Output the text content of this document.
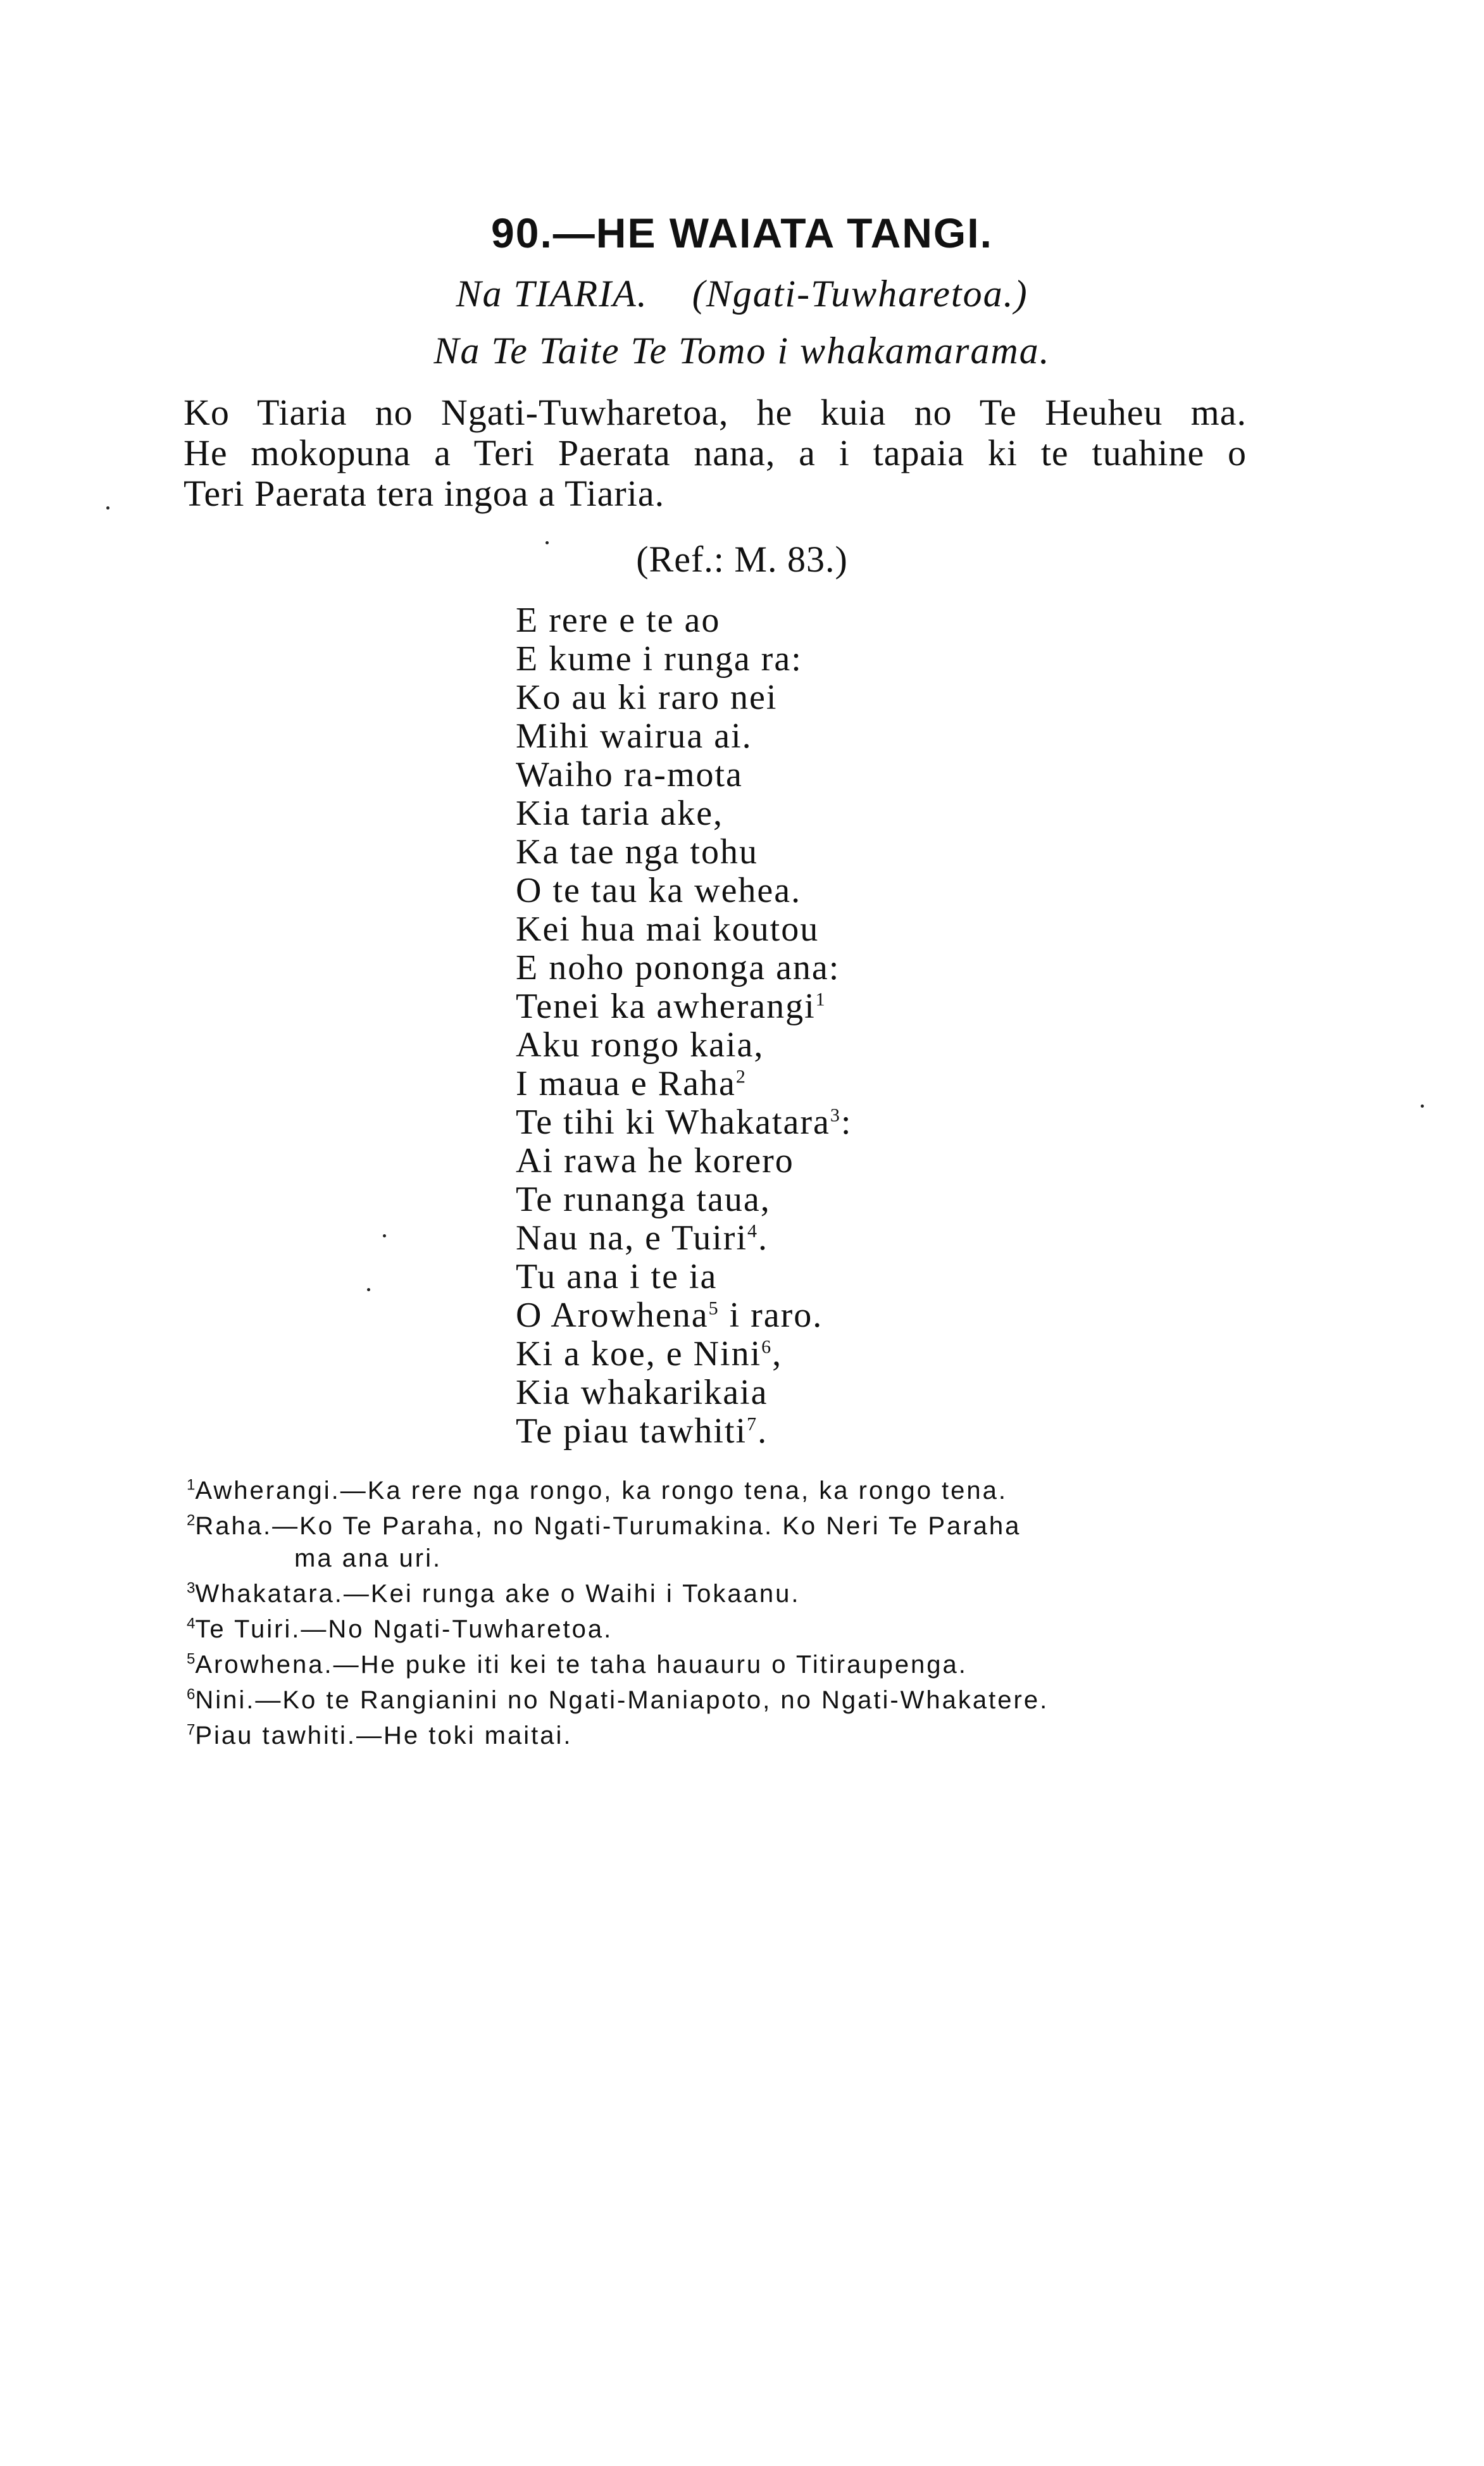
90.—HE WAIATA TANGI.
Na TIARIA. (Ngati-Tuwharetoa.)
Na Te Taite Te Tomo i whakamarama.
Ko Tiaria no Ngati-Tuwharetoa, he kuia no Te Heuheu ma.
He mokopuna a Teri Paerata nana, a i tapaia ki te tuahine o
Teri Paerata tera ingoa a Tiaria.
(Ref.: M. 83.)
E rere e te ao
E kume i runga ra:
Ko au ki raro nei
Mihi wairua ai.
Waiho ra-mota
Kia taria ake,
Ka tae nga tohu
O te tau ka wehea.
Kei hua mai koutou
E noho pononga ana:
Tenei ka awherangi$^1$
Aku rongo kaia,
I maua e Raha$^2$
Te tihi ki Whakatara$^3$:
Ai rawa he korero
Te runanga taua,
Nau na, e Tuiri$^4$.
Tu ana i te ia
O Arowhena$^5$ i raro.
Ki a koe, e Nini$^6$,
Kia whakarikaia
Te piau tawhiti$^7$.
$^1$Awherangi.—Ka rere nga rongo, ka rongo tena, ka rongo tena.
$^2$Raha.—Ko Te Paraha, no Ngati-Turumakina. Ko Neri Te Paraha
ma ana uri.
$^3$Whakatara.—Kei runga ake o Waihi i Tokaanu.
$^4$Te Tuiri.—No Ngati-Tuwharetoa.
$^5$Arowhena.—He puke iti kei te taha hauauru o Titiraupenga.
$^6$Nini.—Ko te Rangianini no Ngati-Maniapoto, no Ngati-Whakatere.
$^7$Piau tawhiti.—He toki maitai.
